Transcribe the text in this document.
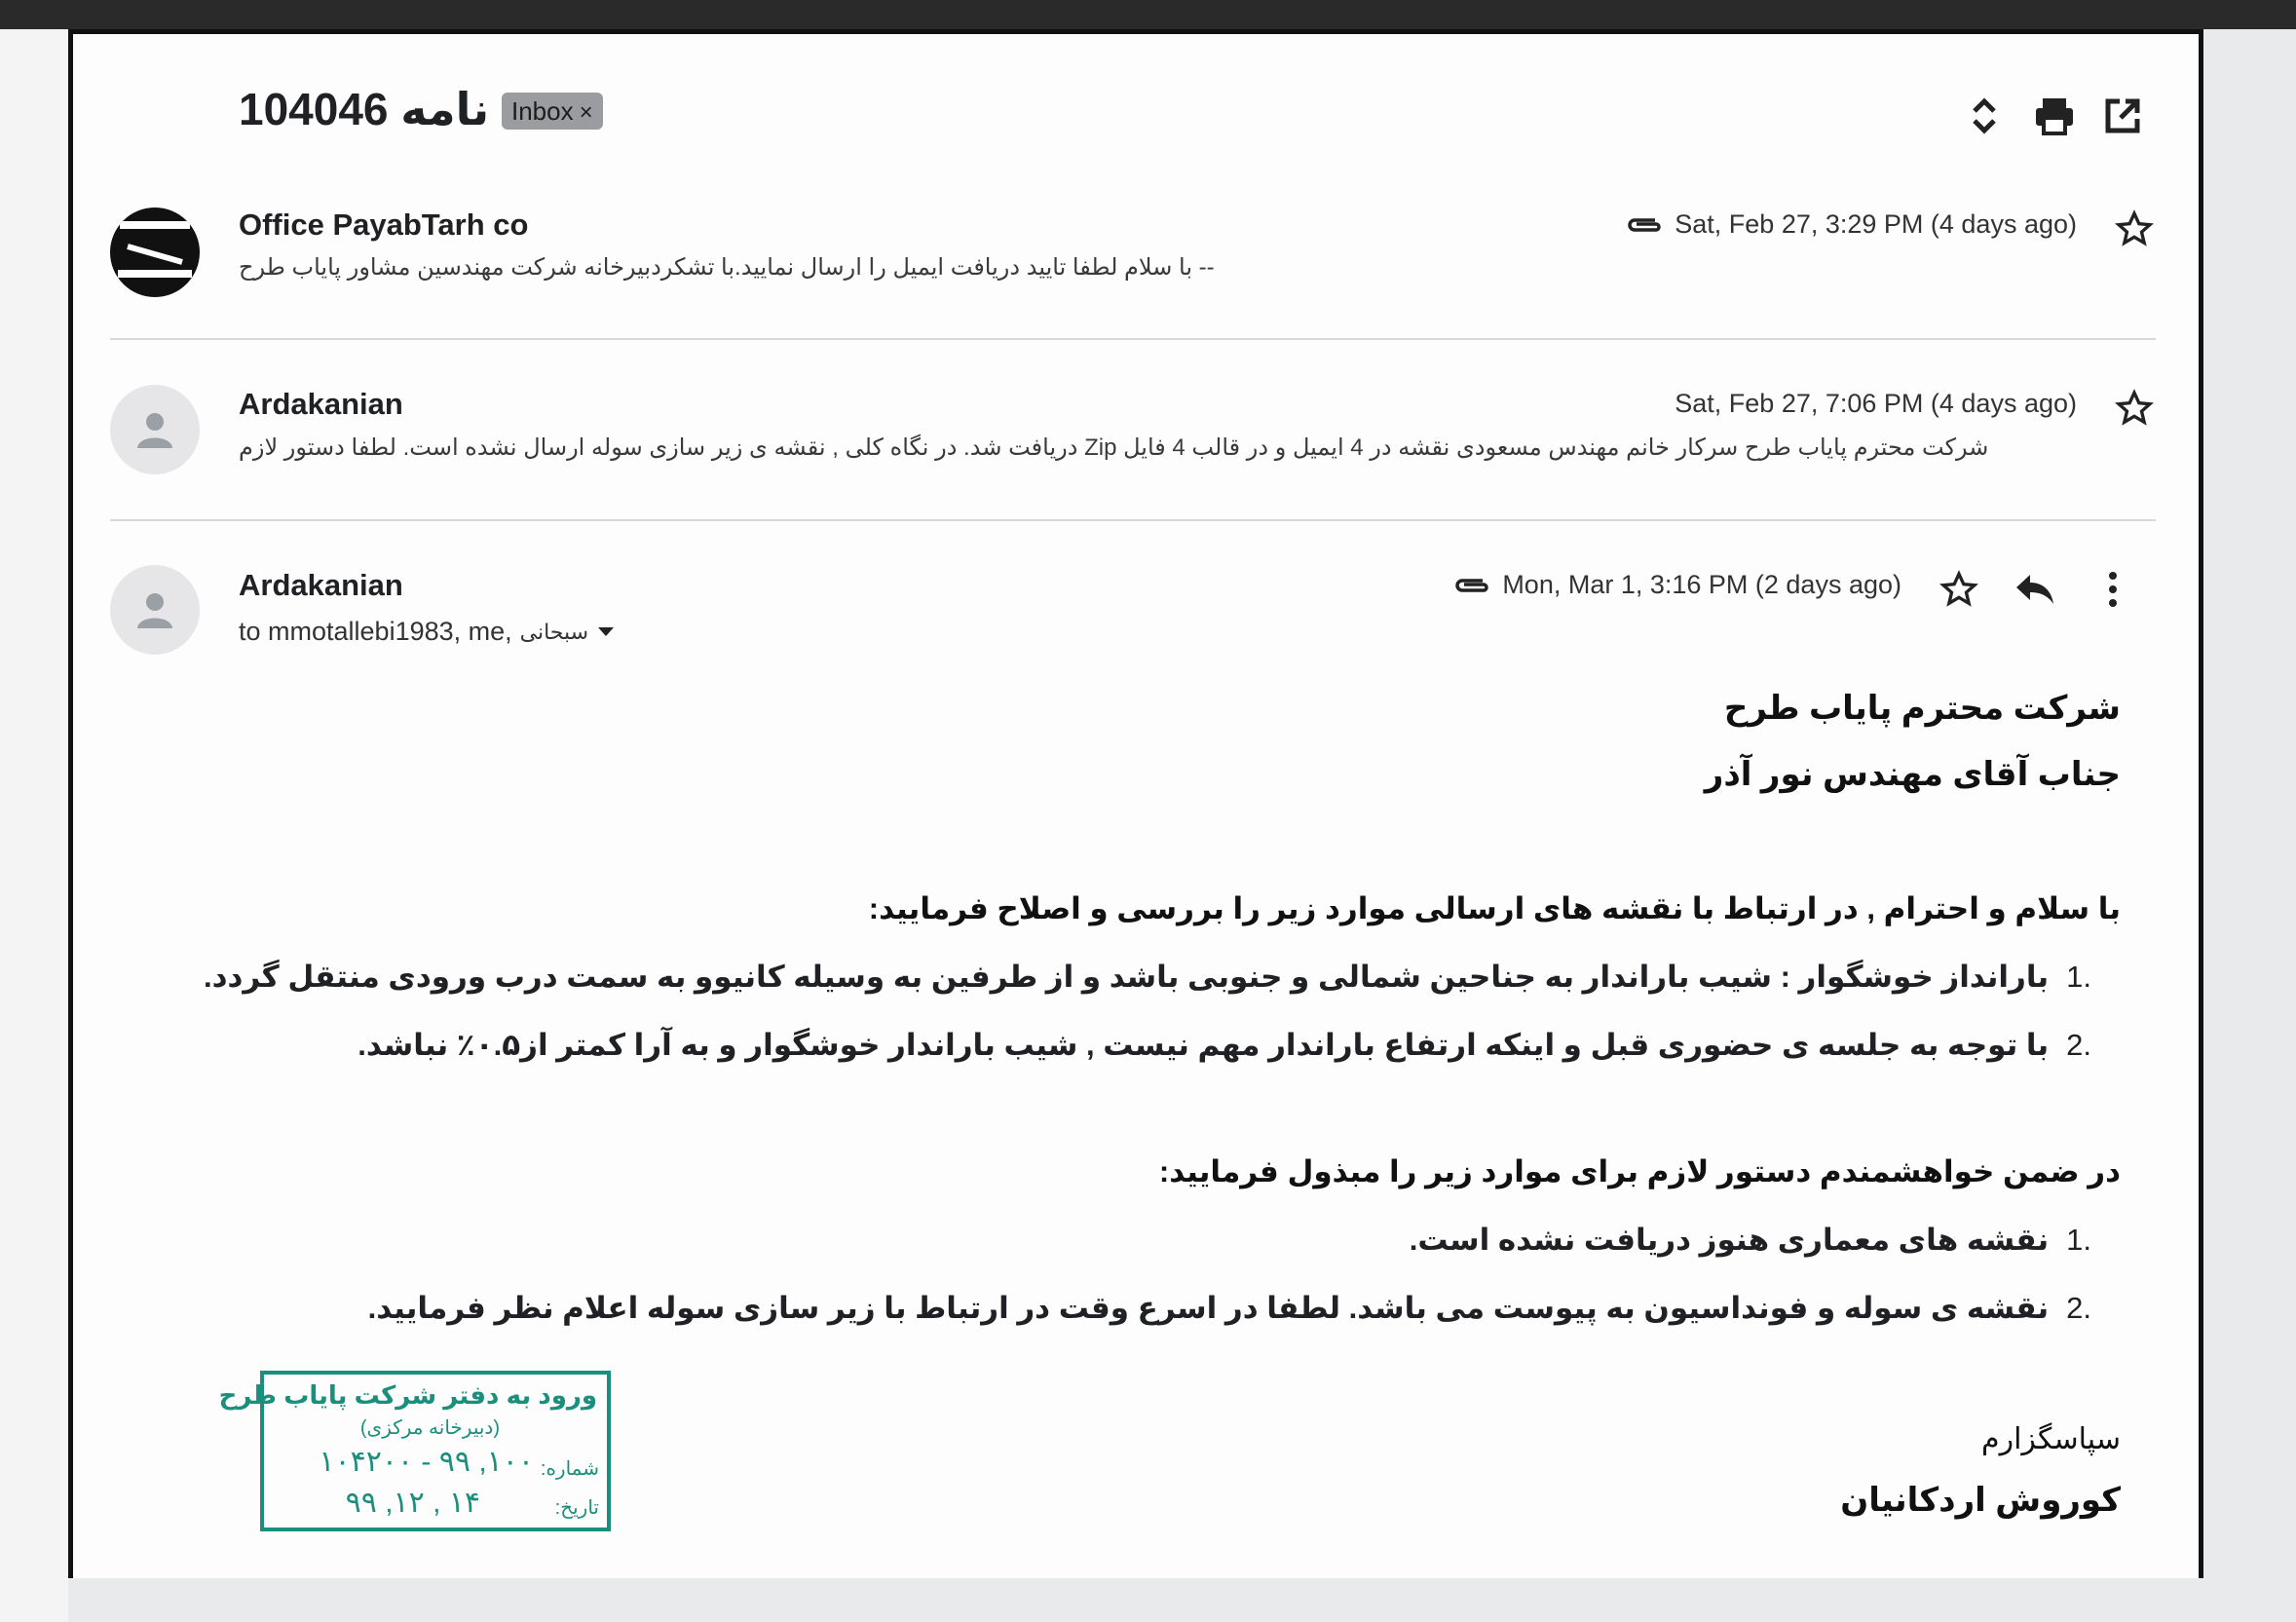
104046 نامه Inbox ×
Office PayabTarh co
-- با سلام لطفا تایید دریافت ایمیل را ارسال نمایید.با تشکردبیرخانه شرکت مهندسین مشاور پایاب طرح
Sat, Feb 27, 3:29 PM (4 days ago)
Ardakanian
شرکت محترم پایاب طرح سرکار خانم مهندس مسعودی نقشه در 4 ایمیل و در قالب 4 فایل Zip دریافت شد. در نگاه کلی , نقشه ی زیر سازی سوله ارسال نشده است. لطفا دستور لازم
Sat, Feb 27, 7:06 PM (4 days ago)
Ardakanian
to mmotallebi1983, me, سبحانی
Mon, Mar 1, 3:16 PM (2 days ago)
شرکت محترم پایاب طرح
جناب آقای مهندس نور آذر
با سلام و احترام , در ارتباط با نقشه های ارسالی موارد زیر را بررسی و اصلاح فرمایید:
1.
بارانداز خوشگوار : شیب باراندار به جناحین شمالی و جنوبی باشد و از طرفین به وسیله کانیوو به سمت درب ورودی منتقل گردد.
2.
با توجه به جلسه ی حضوری قبل و اینکه ارتفاع باراندار مهم نیست , شیب باراندار خوشگوار و به آرا کمتر از۰.۵٪ نباشد.
در ضمن خواهشمندم دستور لازم برای موارد زیر را مبذول فرمایید:
1.
نقشه های معماری هنوز دریافت نشده است.
2.
نقشه ی سوله و فونداسیون به پیوست می باشد. لطفا در اسرع وقت در ارتباط با زیر سازی سوله اعلام نظر فرمایید.
سپاسگزارم
کوروش اردکانیان
ورود به دفتر شرکت پایاب طرح
(دبیرخانه مرکزی)
شماره:
۱۰۴۲۰۰ - ۹۹ ,۱۰۰
تاریخ:
۹۹ ,۱۲ , ۱۴
